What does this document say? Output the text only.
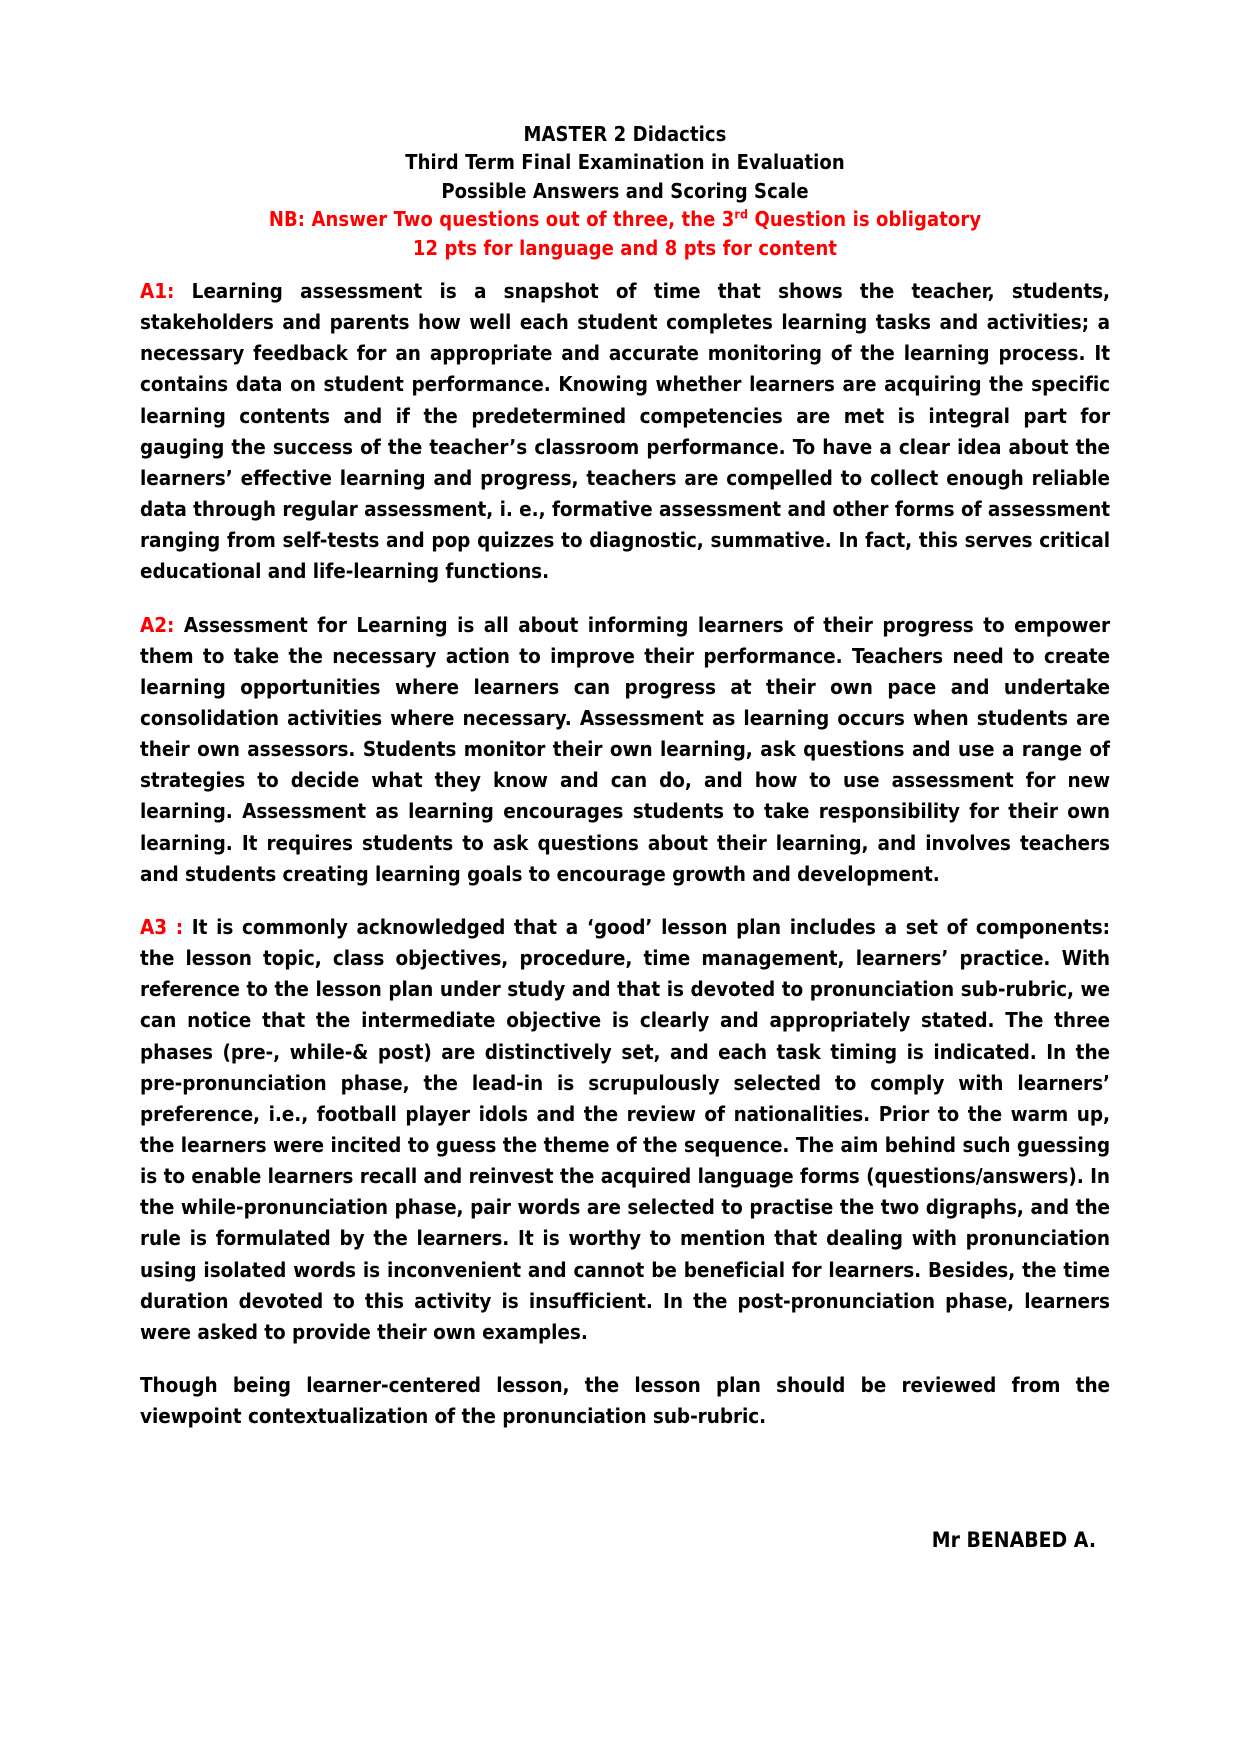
MASTER 2 Didactics
Third Term Final Examination in Evaluation
Possible Answers and Scoring Scale
NB: Answer Two questions out of three, the 3rd Question is obligatory
12 pts for language and 8 pts for content

A1: Learning assessment is a snapshot of time that shows the teacher, students, stakeholders and parents how well each student completes learning tasks and activities; a necessary feedback for an appropriate and accurate monitoring of the learning process. It contains data on student performance. Knowing whether learners are acquiring the specific learning contents and if the predetermined competencies are met is integral part for gauging the success of the teacher’s classroom performance. To have a clear idea about the learners’ effective learning and progress, teachers are compelled to collect enough reliable data through regular assessment, i. e., formative assessment and other forms of assessment ranging from self-tests and pop quizzes to diagnostic, summative. In fact, this serves critical educational and life-learning functions.

A2: Assessment for Learning is all about informing learners of their progress to empower them to take the necessary action to improve their performance. Teachers need to create learning opportunities where learners can progress at their own pace and undertake consolidation activities where necessary. Assessment as learning occurs when students are their own assessors. Students monitor their own learning, ask questions and use a range of strategies to decide what they know and can do, and how to use assessment for new learning. Assessment as learning encourages students to take responsibility for their own learning. It requires students to ask questions about their learning, and involves teachers and students creating learning goals to encourage growth and development.

A3 : It is commonly acknowledged that a ‘good’ lesson plan includes a set of components: the lesson topic, class objectives, procedure, time management, learners’ practice. With reference to the lesson plan under study and that is devoted to pronunciation sub-rubric, we can notice that the intermediate objective is clearly and appropriately stated. The three phases (pre-, while-& post) are distinctively set, and each task timing is indicated. In the pre-pronunciation phase, the lead-in is scrupulously selected to comply with learners’ preference, i.e., football player idols and the review of nationalities. Prior to the warm up, the learners were incited to guess the theme of the sequence. The aim behind such guessing is to enable learners recall and reinvest the acquired language forms (questions/answers). In the while-pronunciation phase, pair words are selected to practise the two digraphs, and the rule is formulated by the learners. It is worthy to mention that dealing with pronunciation using isolated words is inconvenient and cannot be beneficial for learners. Besides, the time duration devoted to this activity is insufficient. In the post-pronunciation phase, learners were asked to provide their own examples.

Though being learner-centered lesson, the lesson plan should be reviewed from the viewpoint contextualization of the pronunciation sub-rubric.

Mr BENABED A.
